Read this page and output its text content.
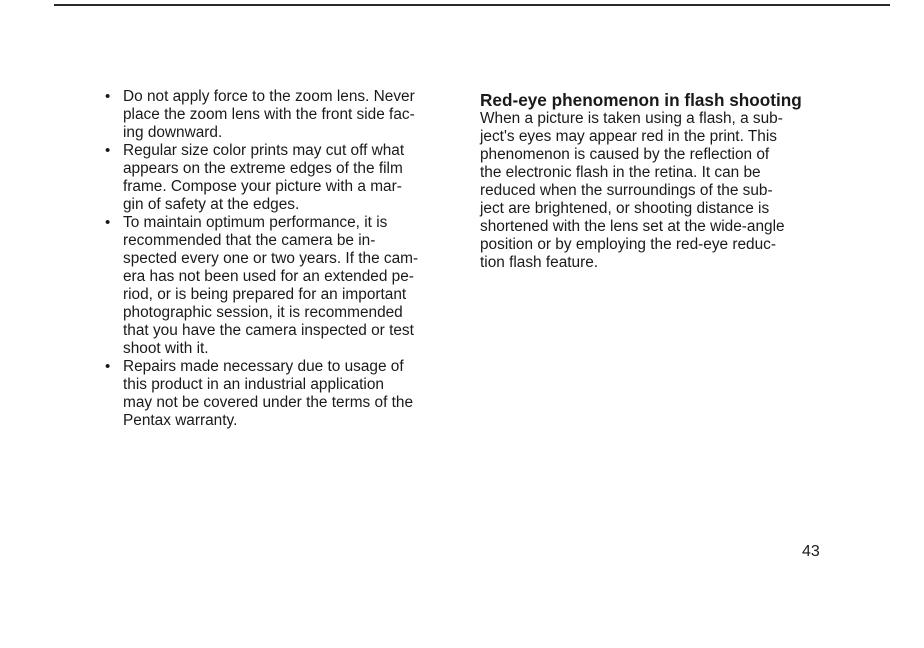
• Do not apply force to the zoom lens. Never
place the zoom lens with the front side fac-
ing downward.
• Regular size color prints may cut off what
appears on the extreme edges of the film
frame. Compose your picture with a mar-
gin of safety at the edges.
• To maintain optimum performance, it is
recommended that the camera be in-
spected every one or two years. If the cam-
era has not been used for an extended pe-
riod, or is being prepared for an important
photographic session, it is recommended
that you have the camera inspected or test
shoot with it.
• Repairs made necessary due to usage of
this product in an industrial application
may not be covered under the terms of the
Pentax warranty.
Red-eye phenomenon in flash shooting
When a picture is taken using a flash, a sub-
ject's eyes may appear red in the print. This
phenomenon is caused by the reflection of
the electronic flash in the retina. It can be
reduced when the surroundings of the sub-
ject are brightened, or shooting distance is
shortened with the lens set at the wide-angle
position or by employing the red-eye reduc-
tion flash feature.
43
